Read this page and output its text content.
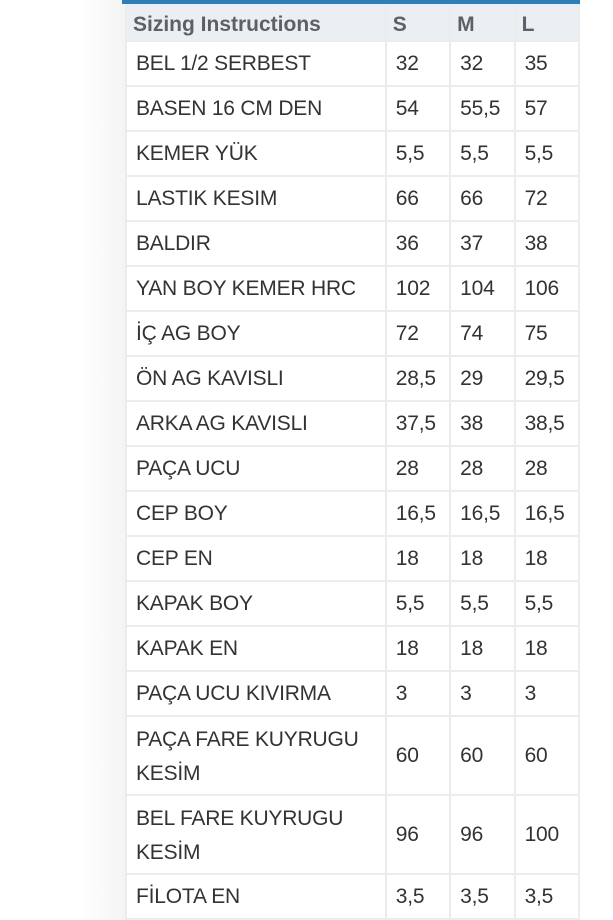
Sizing Instructions	S	M	L
BEL 1/2 SERBEST	32	32	35
BASEN 16 CM DEN	54	55,5	57
KEMER YÜK	5,5	5,5	5,5
LASTIK KESIM	66	66	72
BALDIR	36	37	38
YAN BOY KEMER HRC	102	104	106
İÇ AG BOY	72	74	75
ÖN AG KAVISLI	28,5	29	29,5
ARKA AG KAVISLI	37,5	38	38,5
PAÇA UCU	28	28	28
CEP BOY	16,5	16,5	16,5
CEP EN	18	18	18
KAPAK BOY	5,5	5,5	5,5
KAPAK EN	18	18	18
PAÇA UCU KIVIRMA	3	3	3
PAÇA FARE KUYRUGU KESİM	60	60	60
BEL FARE KUYRUGU KESİM	96	96	100
FİLOTA EN	3,5	3,5	3,5
